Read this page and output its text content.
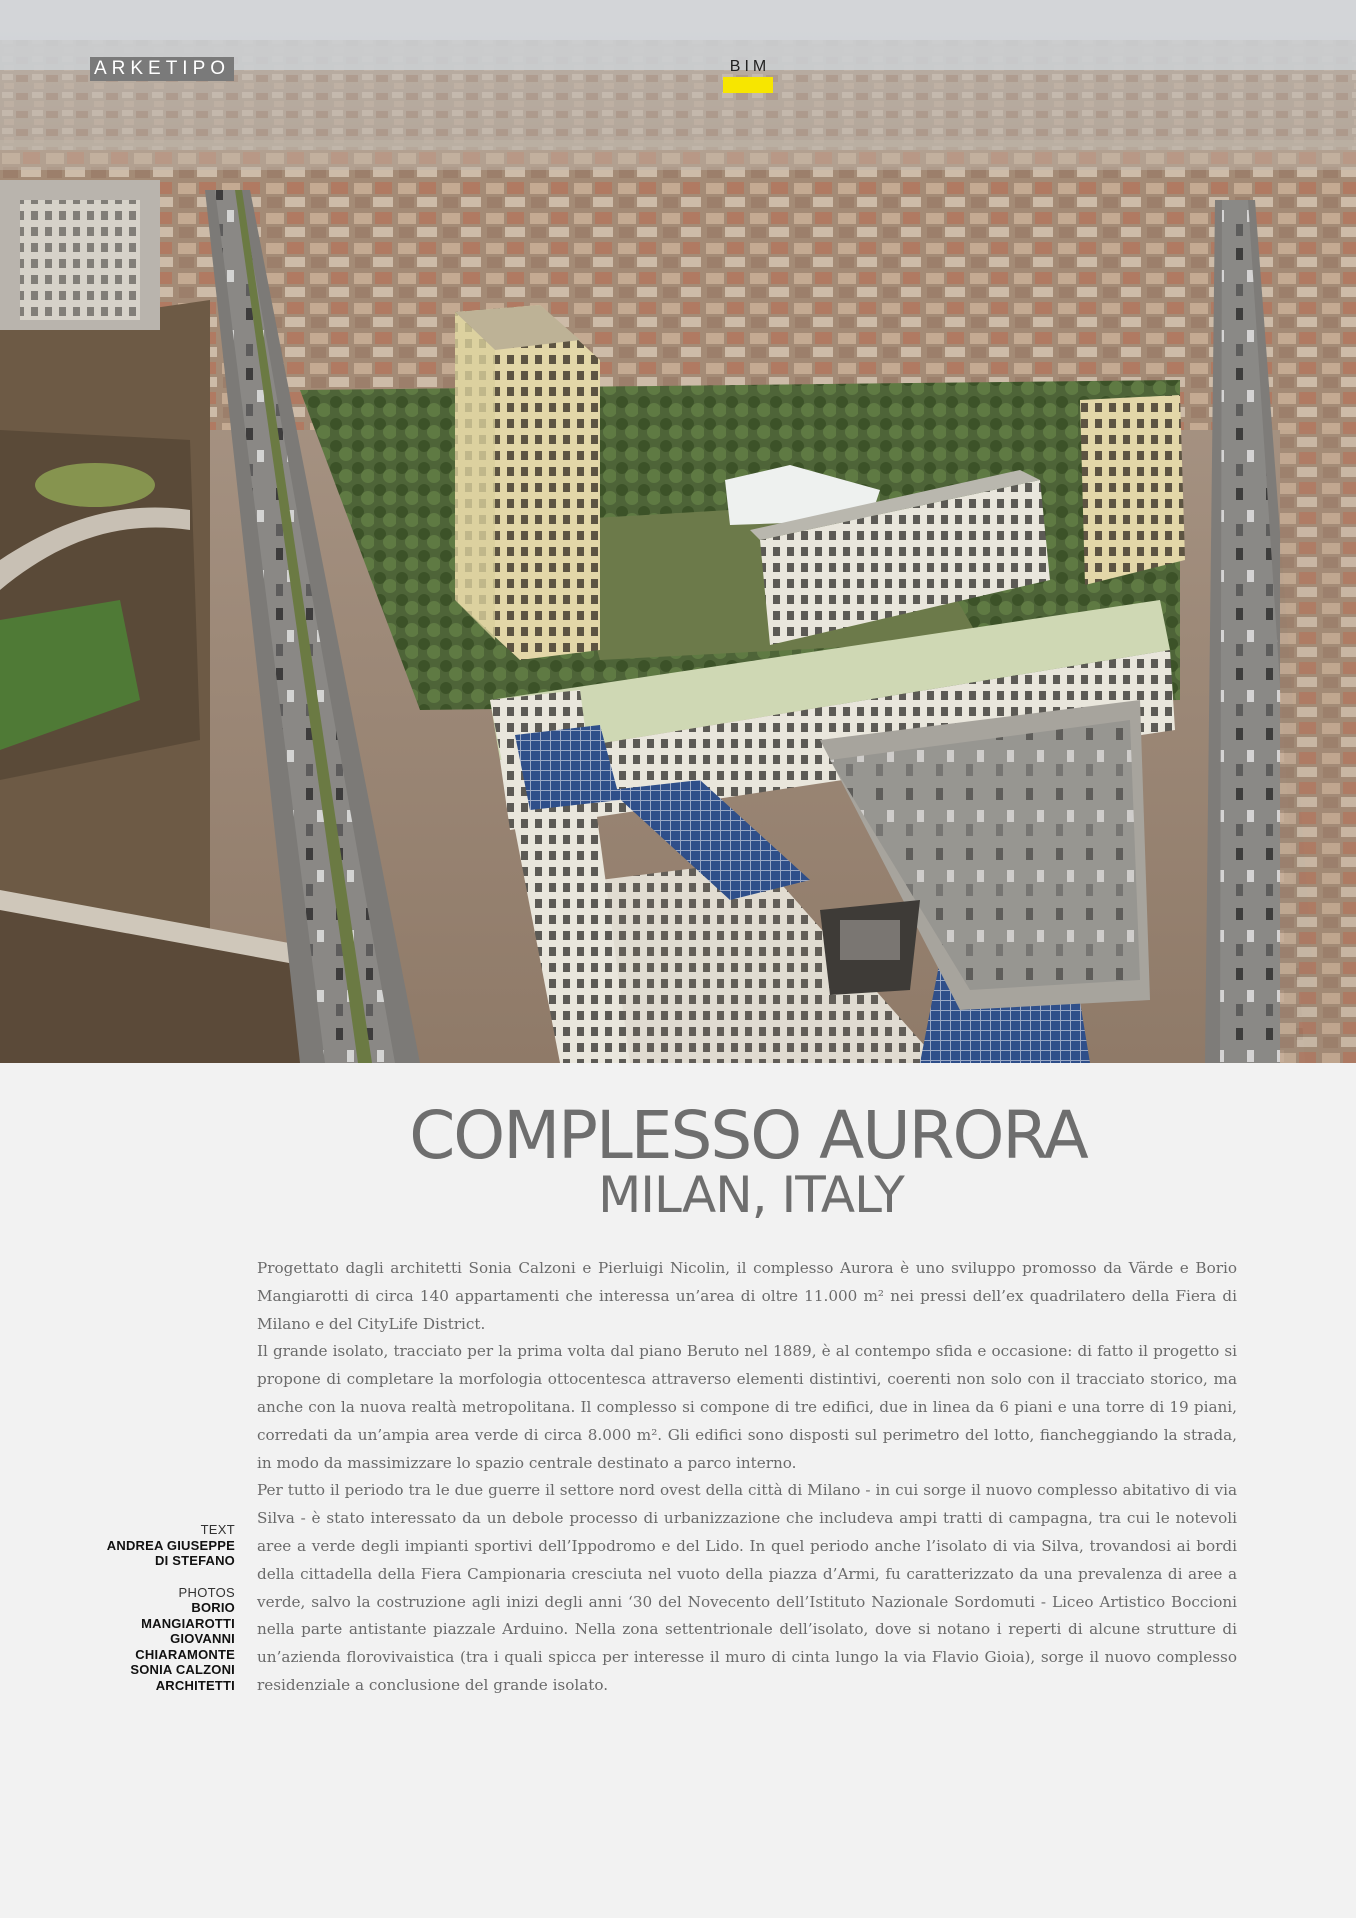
ARKETIPO	BIM
COMPLESSO AURORA
MILAN, ITALY
TEXT
ANDREA GIUSEPPE
DI STEFANO
PHOTOS
BORIO
MANGIAROTTI
GIOVANNI
CHIARAMONTE
SONIA CALZONI
ARCHITETTI

Progettato dagli architetti Sonia Calzoni e Pierluigi Nicolin, il complesso Aurora è uno sviluppo promosso da Värde e Borio Mangiarotti di circa 140 appartamenti che interessa un’area di oltre 11.000 m² nei pressi dell’ex quadrilatero della Fiera di Milano e del CityLife District.

Il grande isolato, tracciato per la prima volta dal piano Beruto nel 1889, è al contempo sfida e occasione: di fatto il progetto si propone di completare la morfologia ottocentesca attraverso elementi distintivi, coerenti non solo con il tracciato storico, ma anche con la nuova realtà metropolitana. Il complesso si compone di tre edifici, due in linea da 6 piani e una torre di 19 piani, corredati da un’ampia area verde di circa 8.000 m². Gli edifici sono disposti sul perimetro del lotto, fiancheggiando la strada, in modo da massimizzare lo spazio centrale destinato a parco interno.

Per tutto il periodo tra le due guerre il settore nord ovest della città di Milano - in cui sorge il nuovo complesso abitativo di via Silva - è stato interessato da un debole processo di urbanizzazione che includeva ampi tratti di campagna, tra cui le notevoli aree a verde degli impianti sportivi dell’Ippodromo e del Lido. In quel periodo anche l’isolato di via Silva, trovandosi ai bordi della cittadella della Fiera Campionaria cresciuta nel vuoto della piazza d’Armi, fu caratterizzato da una prevalenza di aree a verde, salvo la costruzione agli inizi degli anni ‘30 del Novecento dell’Istituto Nazionale Sordomuti - Liceo Artistico Boccioni nella parte antistante piazzale Arduino. Nella zona settentrionale dell’isolato, dove si notano i reperti di alcune strutture di un’azienda florovivaistica (tra i quali spicca per interesse il muro di cinta lungo la via Flavio Gioia), sorge il nuovo complesso residenziale a conclusione del grande isolato.
